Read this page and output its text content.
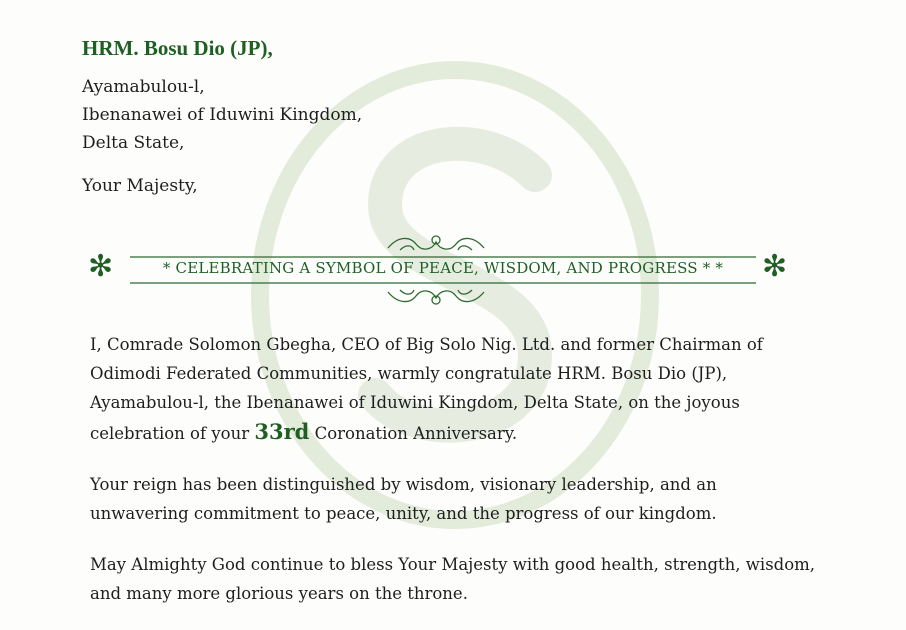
HRM. Bosu Dio (JP),

Ayamabulou-l,

Ibenanawei of Iduwini Kingdom,

Delta State,

Your Majesty,
✻	* CELEBRATING A SYMBOL OF PEACE, WISDOM, AND PROGRESS * *	✻

I, Comrade Solomon Gbegha, CEO of Big Solo Nig. Ltd. and former Chairman of Odimodi Federated Communities, warmly congratulate HRM. Bosu Dio (JP), Ayamabulou-l, the Ibenanawei of Iduwini Kingdom, Delta State, on the joyous celebration of your 33rd Coronation Anniversary.

Your reign has been distinguished by wisdom, visionary leadership, and an unwavering commitment to peace, unity, and the progress of our kingdom.

May Almighty God continue to bless Your Majesty with good health, strength, wisdom, and many more glorious years on the throne.
